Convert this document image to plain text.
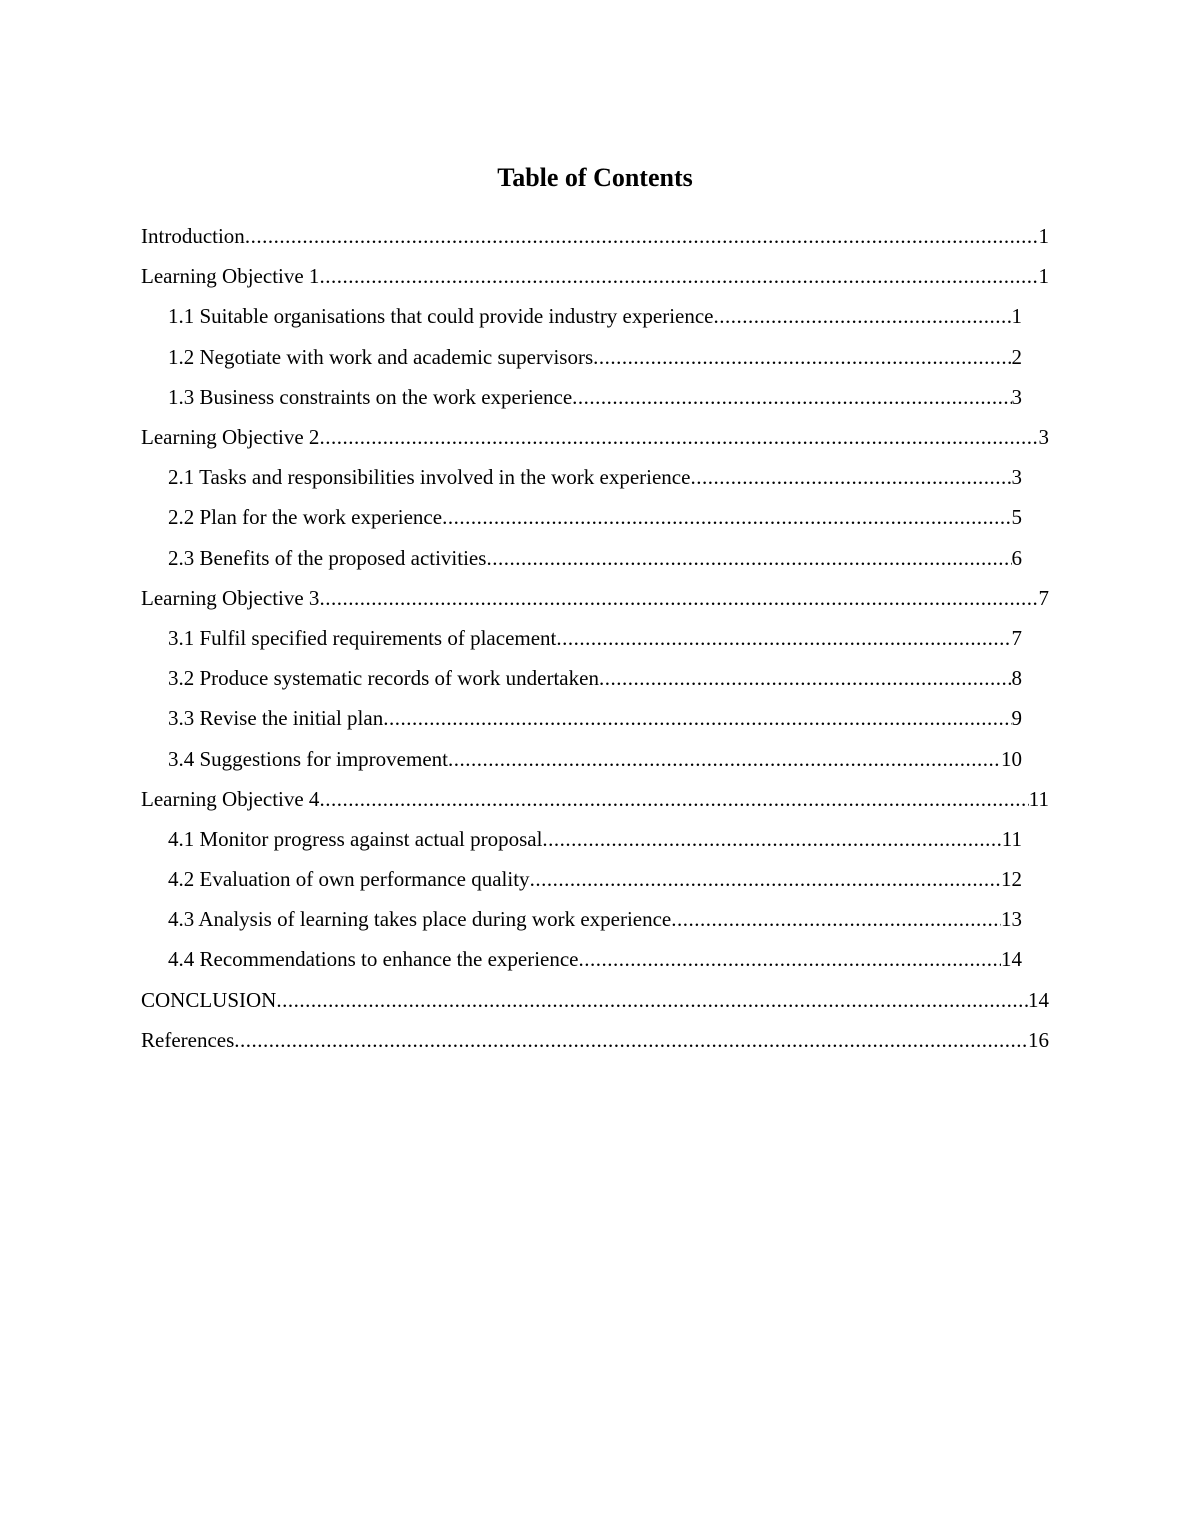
Table of Contents
Introduction .....	1
Learning Objective 1 .....	1
1.1 Suitable organisations that could provide industry experience .....	1
1.2 Negotiate with work and academic supervisors .....	2
1.3 Business constraints on the work experience .....	3
Learning Objective 2 .....	3
2.1 Tasks and responsibilities involved in the work experience .....	3
2.2 Plan for the work experience .....	5
2.3 Benefits of the proposed activities .....	6
Learning Objective 3 .....	7
3.1 Fulfil specified requirements of placement .....	7
3.2 Produce systematic records of work undertaken .....	8
3.3 Revise the initial plan .....	9
3.4 Suggestions for improvement .....	10
Learning Objective 4 .....	11
4.1 Monitor progress against actual proposal .....	11
4.2 Evaluation of own performance quality .....	12
4.3 Analysis of learning takes place during work experience .....	13
4.4 Recommendations to enhance the experience .....	14
CONCLUSION .....	14
References .....	16
